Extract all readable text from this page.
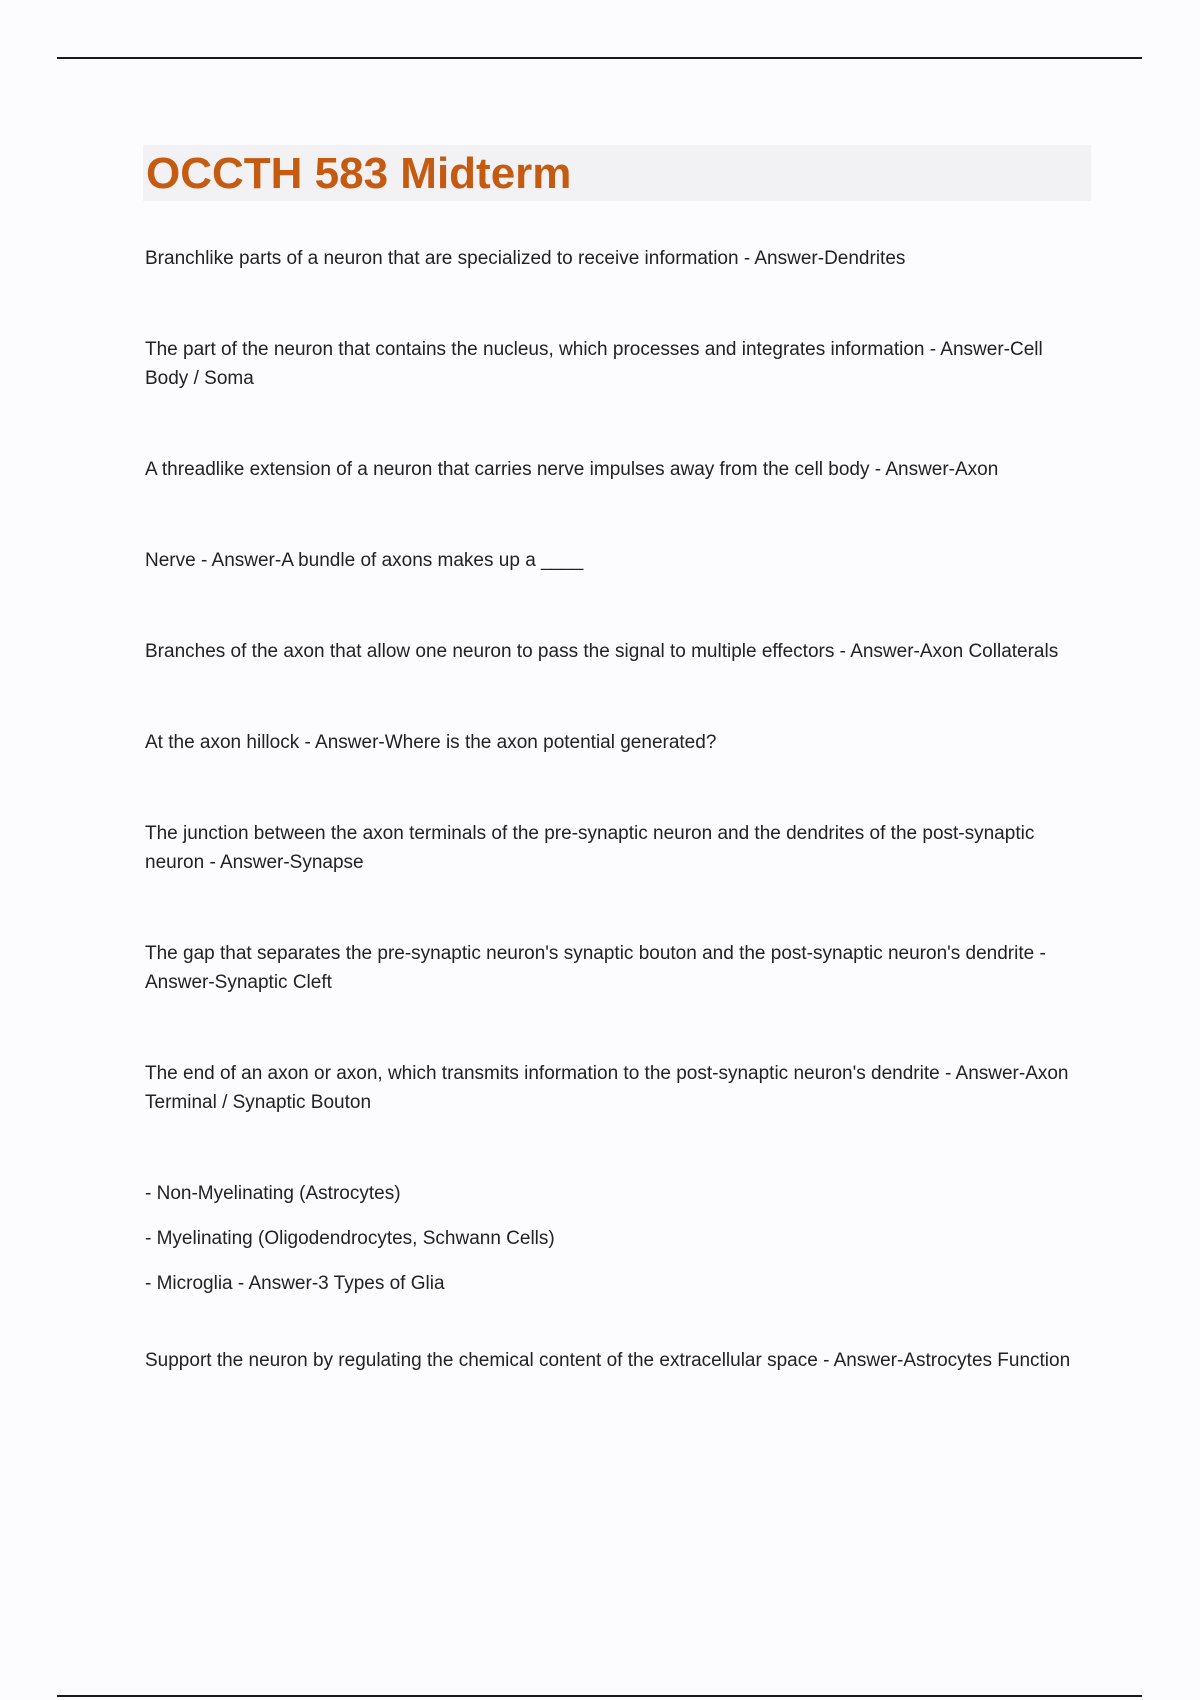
OCCTH 583 Midterm

Branchlike parts of a neuron that are specialized to receive information - Answer-Dendrites

The part of the neuron that contains the nucleus, which processes and integrates information - Answer-Cell Body / Soma

A threadlike extension of a neuron that carries nerve impulses away from the cell body - Answer-Axon

Nerve - Answer-A bundle of axons makes up a ____

Branches of the axon that allow one neuron to pass the signal to multiple effectors - Answer-Axon Collaterals

At the axon hillock - Answer-Where is the axon potential generated?

The junction between the axon terminals of the pre-synaptic neuron and the dendrites of the post-synaptic neuron - Answer-Synapse

The gap that separates the pre-synaptic neuron's synaptic bouton and the post-synaptic neuron's dendrite - Answer-Synaptic Cleft

The end of an axon or axon, which transmits information to the post-synaptic neuron's dendrite - Answer-Axon Terminal / Synaptic Bouton

- Non-Myelinating (Astrocytes)
- Myelinating (Oligodendrocytes, Schwann Cells)
- Microglia - Answer-3 Types of Glia

Support the neuron by regulating the chemical content of the extracellular space - Answer-Astrocytes Function
